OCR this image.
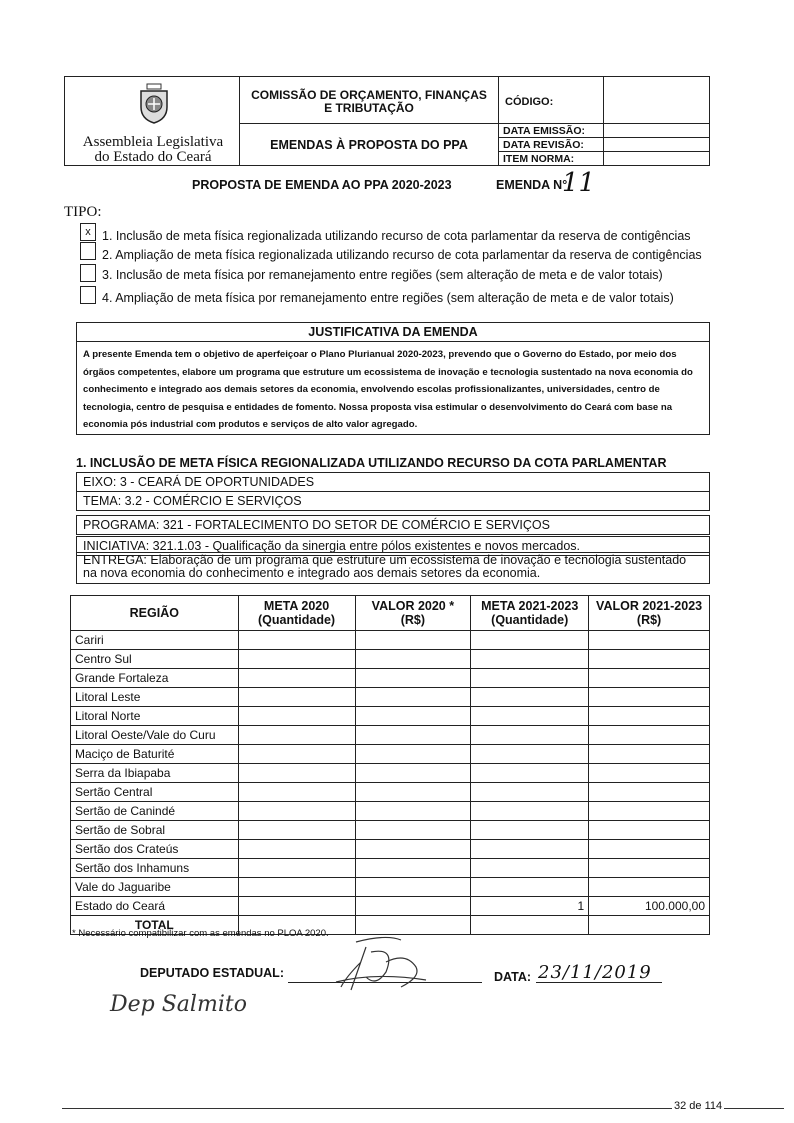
Assembleia Legislativa
do Estado do Ceará
COMISSÃO DE ORÇAMENTO, FINANÇAS
E TRIBUTAÇÃO
EMENDAS À PROPOSTA DO PPA
CÓDIGO:
DATA EMISSÃO:
DATA REVISÃO:
ITEM NORMA:
PROPOSTA DE EMENDA AO PPA 2020-2023	EMENDA N°
11
TIPO:
x 1. Inclusão de meta física regionalizada utilizando recurso de cota parlamentar da reserva de contigências
2. Ampliação de meta física regionalizada utilizando recurso de cota parlamentar da reserva de contigências
3. Inclusão de meta física por remanejamento entre regiões (sem alteração de meta e de valor totais)
4. Ampliação de meta física por remanejamento entre regiões (sem alteração de meta e de valor totais)
JUSTIFICATIVA DA EMENDA
A presente Emenda tem o objetivo de aperfeiçoar o Plano Plurianual 2020-2023, prevendo que o Governo do Estado, por meio dos órgãos competentes, elabore um programa que estruture um ecossistema de inovação e tecnologia sustentado na nova economia do conhecimento e integrado aos demais setores da economia, envolvendo escolas profissionalizantes, universidades, centro de tecnologia, centro de pesquisa e entidades de fomento. Nossa proposta visa estimular o desenvolvimento do Ceará com base na economia pós industrial com produtos e serviços de alto valor agregado.
1. INCLUSÃO DE META FÍSICA REGIONALIZADA UTILIZANDO RECURSO DA COTA PARLAMENTAR
EIXO: 3 - CEARÁ DE OPORTUNIDADES
TEMA: 3.2 - COMÉRCIO E SERVIÇOS
PROGRAMA: 321 - FORTALECIMENTO DO SETOR DE COMÉRCIO E SERVIÇOS
INICIATIVA: 321.1.03 - Qualificação da sinergia entre pólos existentes e novos mercados.
ENTREGA: Elaboração de um programa que estruture um ecossistema de inovação e tecnologia sustentado na nova economia do conhecimento e integrado aos demais setores da economia.
REGIÃO	META 2020 (Quantidade)	VALOR 2020 * (R$)	META 2021-2023 (Quantidade)	VALOR 2021-2023 (R$)
Cariri				
Centro Sul				
Grande Fortaleza				
Litoral Leste				
Litoral Norte				
Litoral Oeste/Vale do Curu				
Maciço de Baturité				
Serra da Ibiapaba				
Sertão Central				
Sertão de Canindé				
Sertão de Sobral				
Sertão dos Crateús				
Sertão dos Inhamuns				
Vale do Jaguaribe				
Estado do Ceará			1	100.000,00
TOTAL				
* Necessário compatibilizar com as emendas no PLOA 2020.
DEPUTADO ESTADUAL:	DATA: 23/11/2019
Dep Salmito
32 de 114
